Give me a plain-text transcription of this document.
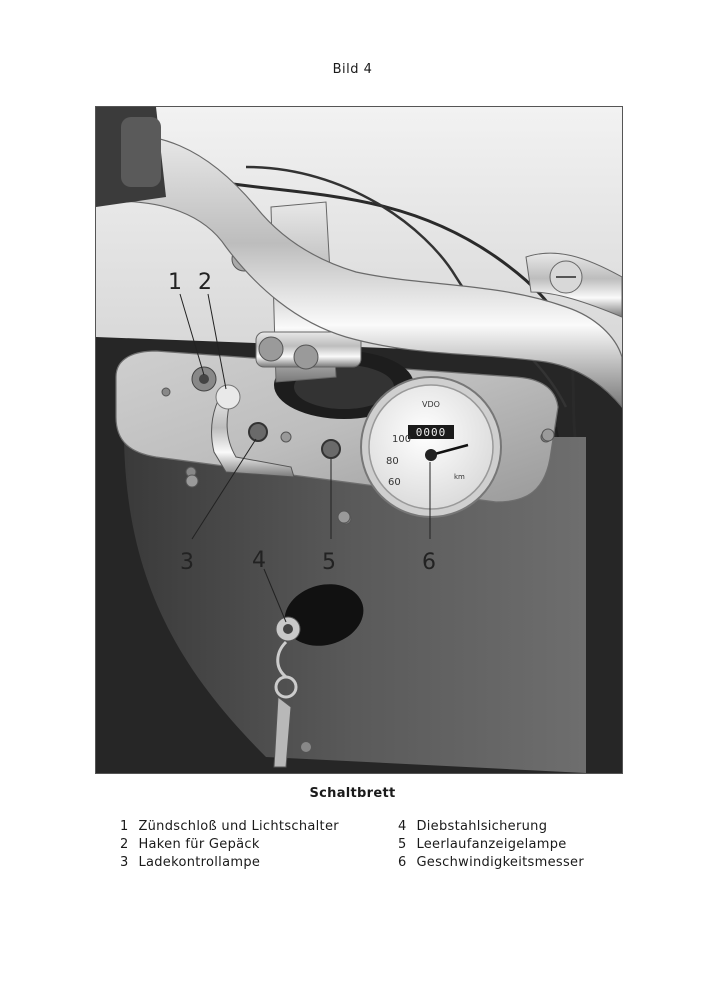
Bild 4
VDO
0000
100
80
60	km
1 2
3	4	5	6
Schaltbrett
1 Zündschloß und Lichtschalter
2 Haken für Gepäck
3 Ladekontrollampe
4 Diebstahlsicherung
5 Leerlaufanzeigelampe
6 Geschwindigkeitsmesser
